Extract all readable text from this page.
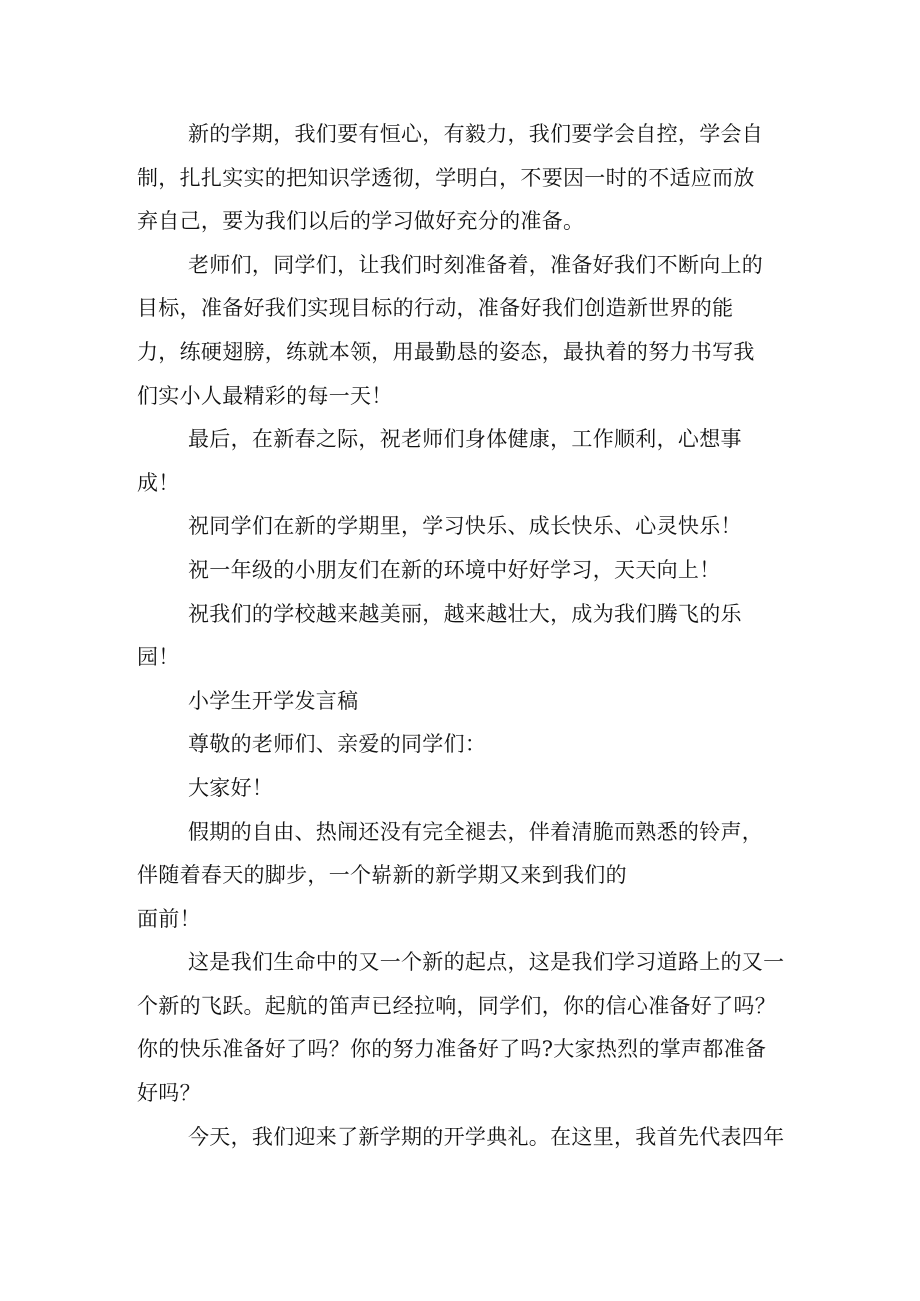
新的学期，我们要有恒心，有毅力，我们要学会自控，学会自
制，扎扎实实的把知识学透彻，学明白，不要因一时的不适应而放
弃自己，要为我们以后的学习做好充分的准备。
老师们，同学们，让我们时刻准备着，准备好我们不断向上的
目标，准备好我们实现目标的行动，准备好我们创造新世界的能
力，练硬翅膀，练就本领，用最勤恳的姿态，最执着的努力书写我
们实小人最精彩的每一天！
最后，在新春之际，祝老师们身体健康，工作顺利，心想事
成！
祝同学们在新的学期里，学习快乐、成长快乐、心灵快乐！
祝一年级的小朋友们在新的环境中好好学习，天天向上！
祝我们的学校越来越美丽，越来越壮大，成为我们腾飞的乐
园！
小学生开学发言稿
尊敬的老师们、亲爱的同学们：
大家好！
假期的自由、热闹还没有完全褪去，伴着清脆而熟悉的铃声，
伴随着春天的脚步，一个崭新的新学期又来到我们的
面前！
这是我们生命中的又一个新的起点，这是我们学习道路上的又一
个新的飞跃。起航的笛声已经拉响，同学们，你的信心准备好了吗？
你的快乐准备好了吗？你的努力准备好了吗?大家热烈的掌声都准备
好吗？
今天，我们迎来了新学期的开学典礼。在这里，我首先代表四年
